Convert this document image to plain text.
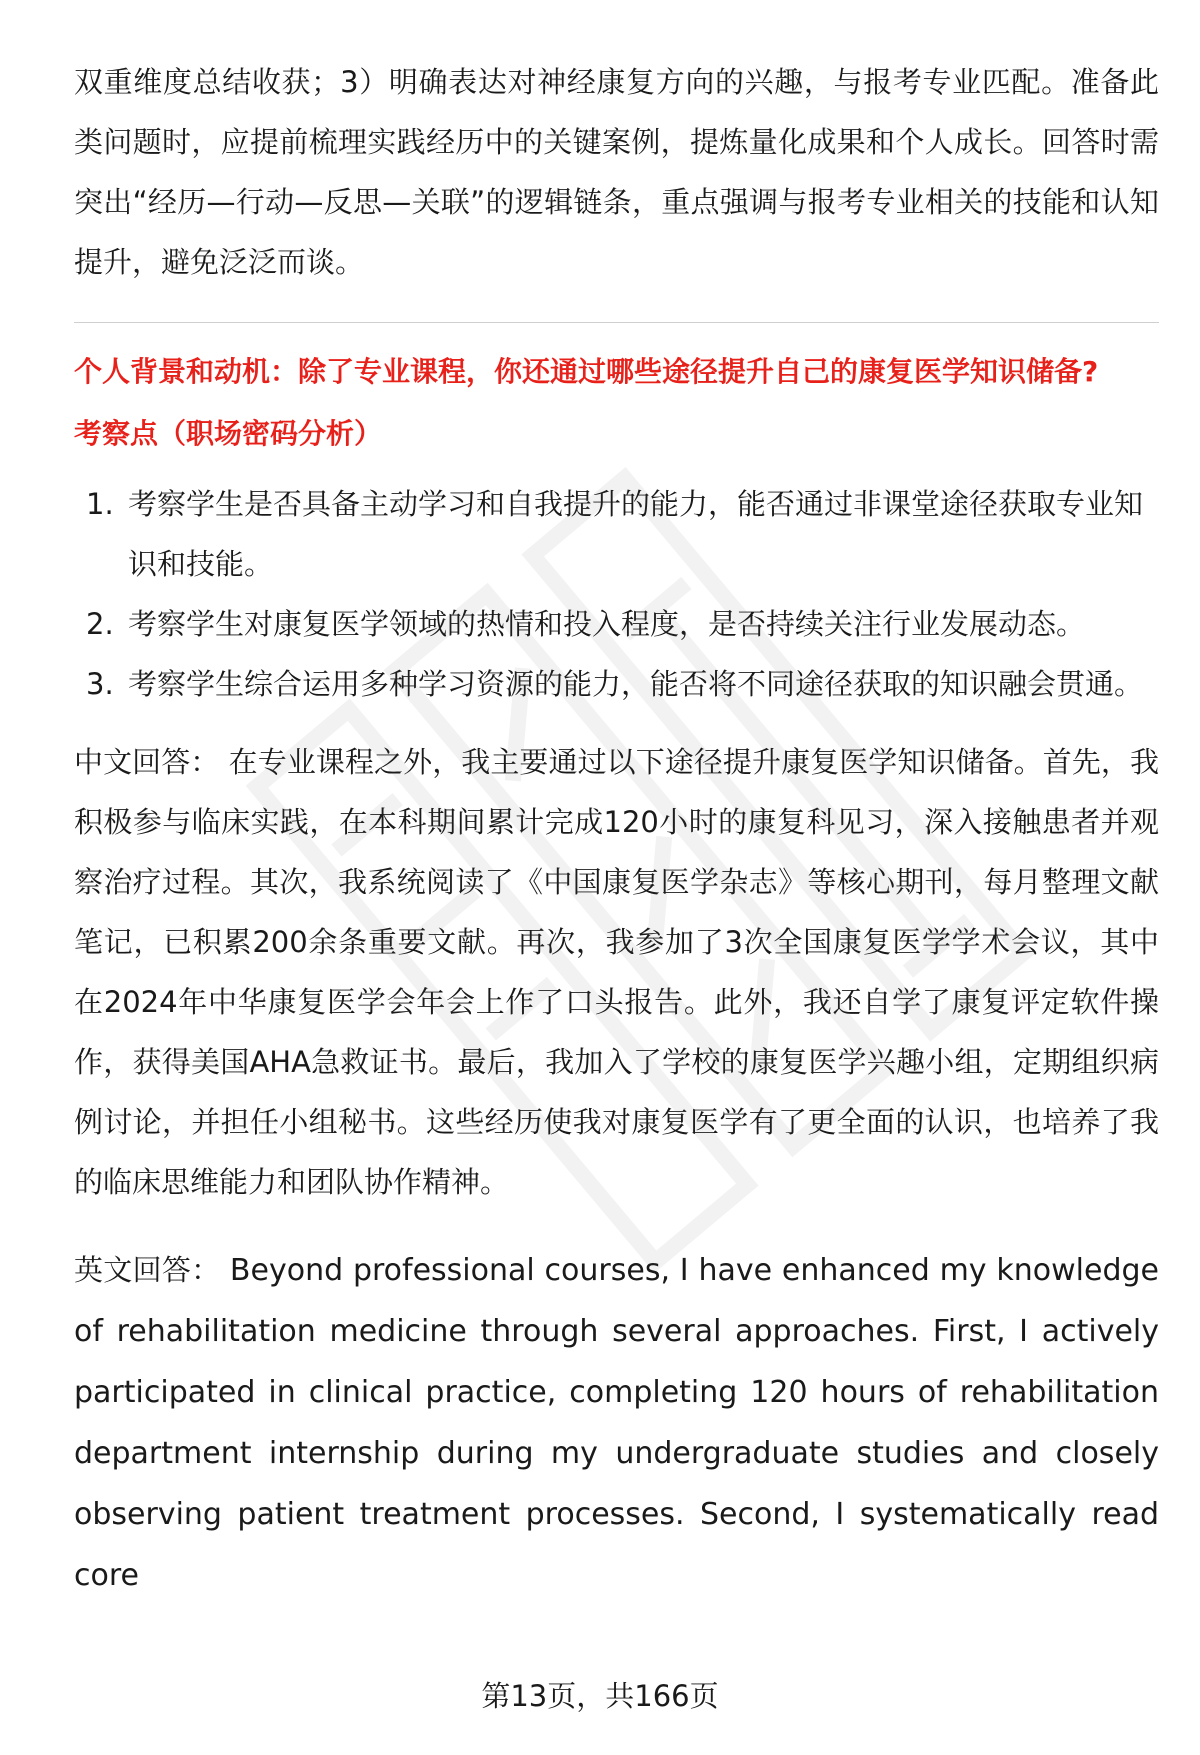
双重维度总结收获；3）明确表达对神经康复方向的兴趣，与报考专业匹配。准备此类问题时，应提前梳理实践经历中的关键案例，提炼量化成果和个人成长。回答时需突出“经历—行动—反思—关联”的逻辑链条，重点强调与报考专业相关的技能和认知提升，避免泛泛而谈。

个人背景和动机：除了专业课程，你还通过哪些途径提升自己的康复医学知识储备?
考察点（职场密码分析）
1. 考察学生是否具备主动学习和自我提升的能力，能否通过非课堂途径获取专业知识和技能。
2. 考察学生对康复医学领域的热情和投入程度，是否持续关注行业发展动态。
3. 考察学生综合运用多种学习资源的能力，能否将不同途径获取的知识融会贯通。

中文回答： 在专业课程之外，我主要通过以下途径提升康复医学知识储备。首先，我积极参与临床实践，在本科期间累计完成120小时的康复科见习，深入接触患者并观察治疗过程。其次，我系统阅读了《中国康复医学杂志》等核心期刊，每月整理文献笔记，已积累200余条重要文献。再次，我参加了3次全国康复医学学术会议，其中在2024年中华康复医学会年会上作了口头报告。此外，我还自学了康复评定软件操作，获得美国AHA急救证书。最后，我加入了学校的康复医学兴趣小组，定期组织病例讨论，并担任小组秘书。这些经历使我对康复医学有了更全面的认识，也培养了我的临床思维能力和团队协作精神。

英文回答： Beyond professional courses, I have enhanced my knowledge of rehabilitation medicine through several approaches. First, I actively participated in clinical practice, completing 120 hours of rehabilitation department internship during my undergraduate studies and closely observing patient treatment processes. Second, I systematically read core

第13页，共166页
